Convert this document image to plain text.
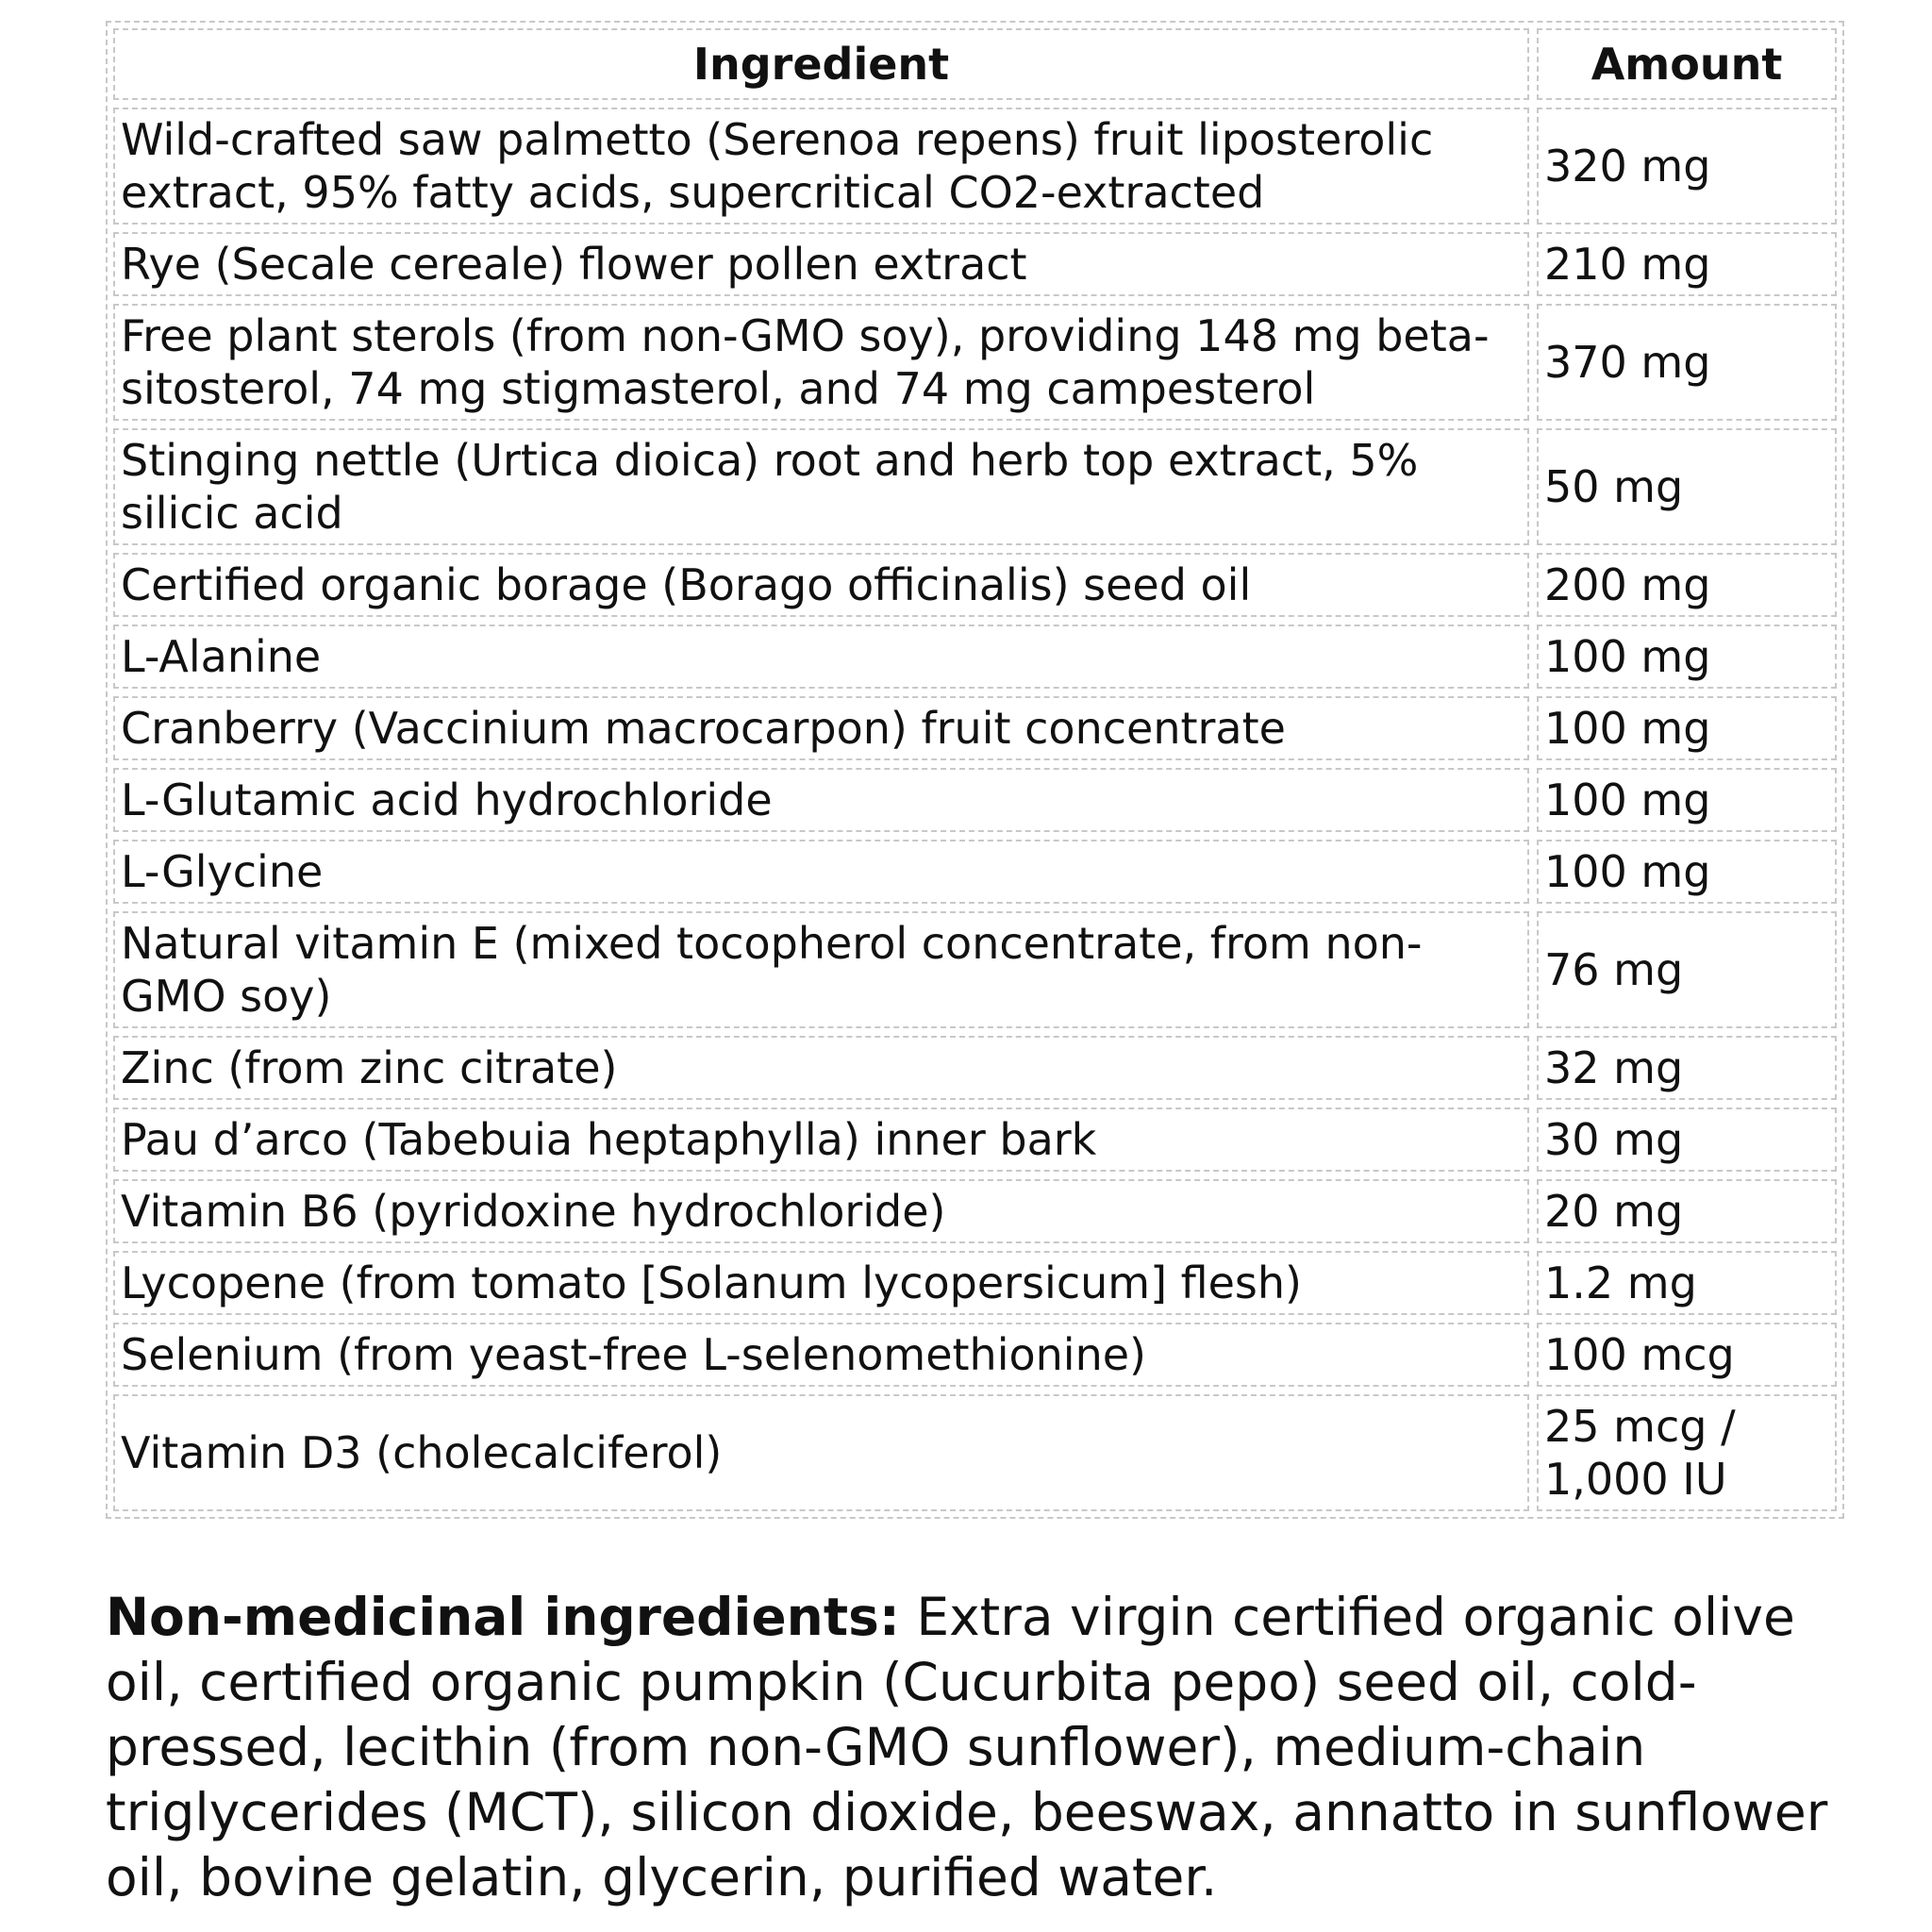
Ingredient	Amount
Wild-crafted saw palmetto (Serenoa repens) fruit liposterolic extract, 95% fatty acids, supercritical CO2-extracted	320 mg
Rye (Secale cereale) flower pollen extract	210 mg
Free plant sterols (from non-GMO soy), providing 148 mg beta-sitosterol, 74 mg stigmasterol, and 74 mg campesterol	370 mg
Stinging nettle (Urtica dioica) root and herb top extract, 5% silicic acid	50 mg
Certified organic borage (Borago officinalis) seed oil	200 mg
L-Alanine	100 mg
Cranberry (Vaccinium macrocarpon) fruit concentrate	100 mg
L-Glutamic acid hydrochloride	100 mg
L-Glycine	100 mg
Natural vitamin E (mixed tocopherol concentrate, from non-GMO soy)	76 mg
Zinc (from zinc citrate)	32 mg
Pau d’arco (Tabebuia heptaphylla) inner bark	30 mg
Vitamin B6 (pyridoxine hydrochloride)	20 mg
Lycopene (from tomato [Solanum lycopersicum] flesh)	1.2 mg
Selenium (from yeast-free L-selenomethionine)	100 mcg
Vitamin D3 (cholecalciferol)	25 mcg / 1,000 IU

Non-medicinal ingredients: Extra virgin certified organic olive oil, certified organic pumpkin (Cucurbita pepo) seed oil, cold-pressed, lecithin (from non-GMO sunflower), medium-chain triglycerides (MCT), silicon dioxide, beeswax, annatto in sunflower oil, bovine gelatin, glycerin, purified water.
